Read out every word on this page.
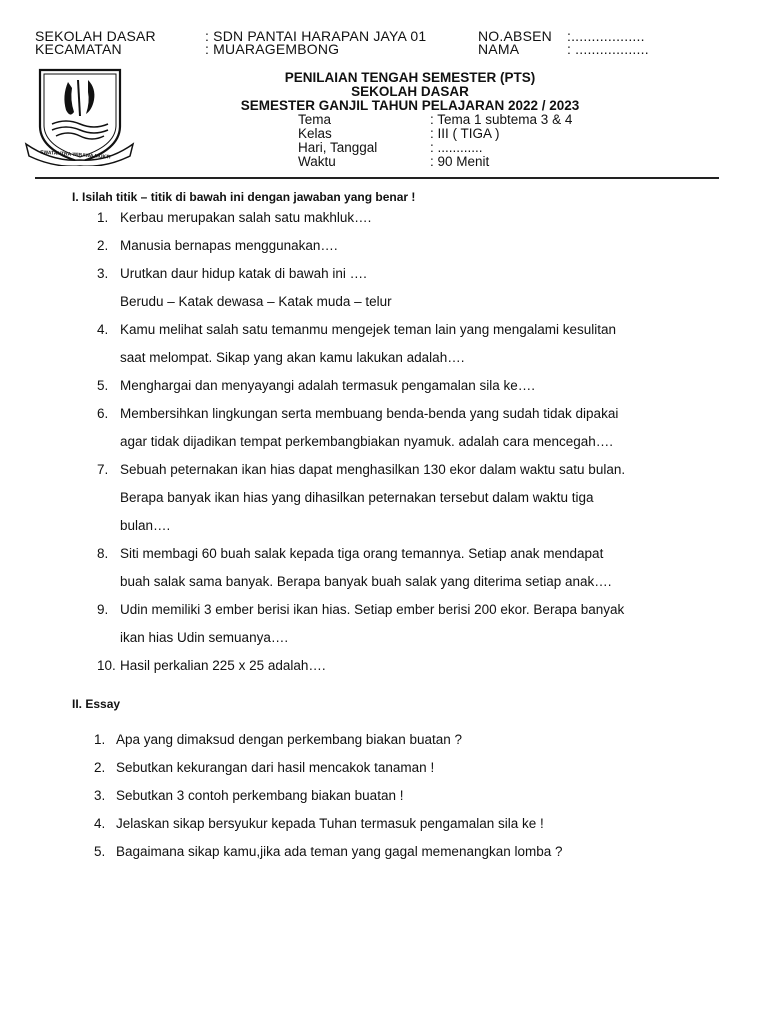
SEKOLAH DASAR	: SDN PANTAI HARAPAN JAYA 01
KECAMATAN	: MUARAGEMBONG
NO.ABSEN :..................
NAMA	: ..................
SWATANTRA WIBAWA MUKTI
PENILAIAN TENGAH SEMESTER (PTS)
SEKOLAH DASAR
SEMESTER GANJIL TAHUN PELAJARAN 2022 / 2023
Tema	: Tema 1 subtema 3 & 4
Kelas	: III ( TIGA )
Hari, Tanggal	: ............
Waktu	: 90 Menit
I. Isilah titik – titik di bawah ini dengan jawaban yang benar !
1. Kerbau merupakan salah satu makhluk….
2. Manusia bernapas menggunakan….
3. Urutkan daur hidup katak di bawah ini ….
Berudu – Katak dewasa – Katak muda – telur
4. Kamu melihat salah satu temanmu mengejek teman lain yang mengalami kesulitan
saat melompat. Sikap yang akan kamu lakukan adalah….
5. Menghargai dan menyayangi adalah termasuk pengamalan sila ke….
6. Membersihkan lingkungan serta membuang benda-benda yang sudah tidak dipakai
agar tidak dijadikan tempat perkembangbiakan nyamuk. adalah cara mencegah….
7. Sebuah peternakan ikan hias dapat menghasilkan 130 ekor dalam waktu satu bulan.
Berapa banyak ikan hias yang dihasilkan peternakan tersebut dalam waktu tiga
bulan….
8. Siti membagi 60 buah salak kepada tiga orang temannya. Setiap anak mendapat
buah salak sama banyak. Berapa banyak buah salak yang diterima setiap anak….
9. Udin memiliki 3 ember berisi ikan hias. Setiap ember berisi 200 ekor. Berapa banyak
ikan hias Udin semuanya….
10. Hasil perkalian 225 x 25 adalah….
II. Essay
1. Apa yang dimaksud dengan perkembang biakan buatan ?
2. Sebutkan kekurangan dari hasil mencakok tanaman !
3. Sebutkan 3 contoh perkembang biakan buatan !
4. Jelaskan sikap bersyukur kepada Tuhan termasuk pengamalan sila ke !
5. Bagaimana sikap kamu,jika ada teman yang gagal memenangkan lomba ?
